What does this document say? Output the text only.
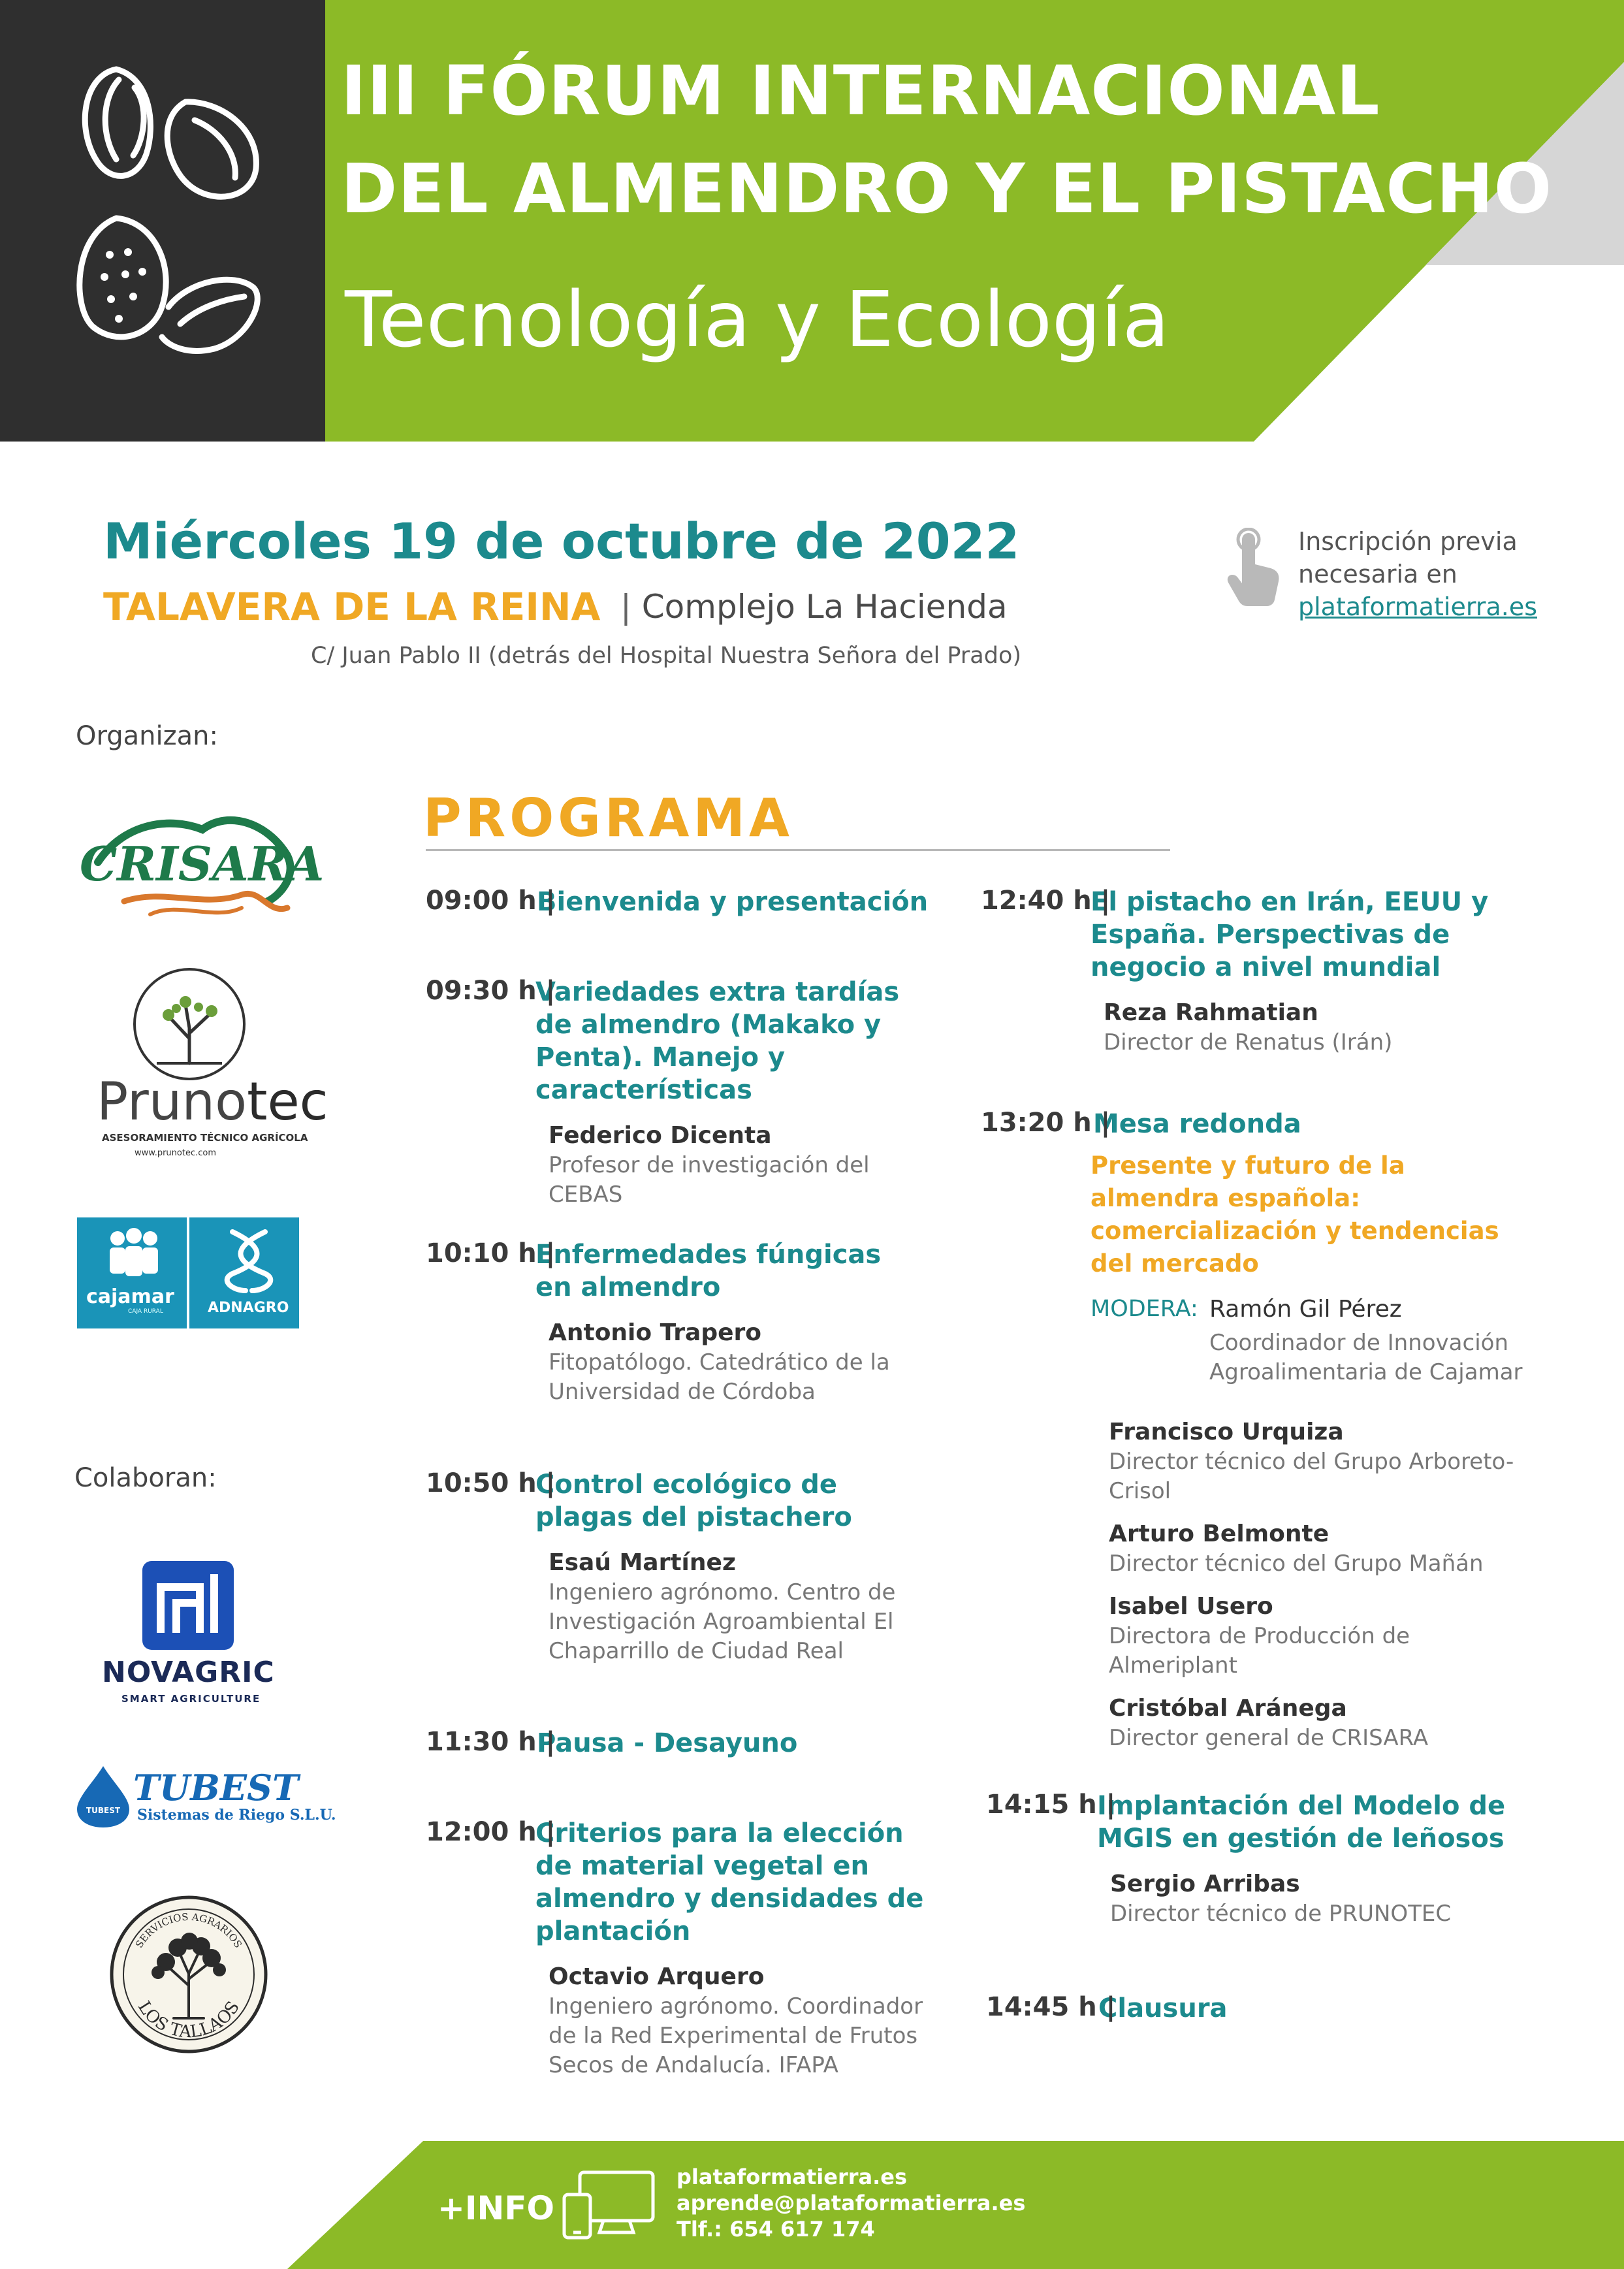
III FÓRUM INTERNACIONAL
DEL ALMENDRO Y EL PISTACHO
Tecnología y Ecología
Miércoles 19 de octubre de 2022
TALAVERA DE LA REINA | Complejo La Hacienda
C/ Juan Pablo II (detrás del Hospital Nuestra Señora del Prado)
Inscripción previa
necesaria en
plataformatierra.es
Organizan:
CRISARA
Prunotec
ASESORAMIENTO TÉCNICO AGRÍCOLA
www.prunotec.com
cajamar
CAJA RURAL	ADNAGRO
Colaboran:
NOVAGRIC
SMART AGRICULTURE
TUBEST
TUBEST
Sistemas de Riego S.L.U.
SERVICIOS AGRARIOS
LOS TALLAOS
PROGRAMA
09:00 h |
Bienvenida y presentación
09:30 h |
Variedades extra tardías de almendro (Makako y Penta). Manejo y características
Federico Dicenta
Profesor de investigación del CEBAS
10:10 h |
Enfermedades fúngicas en almendro
Antonio Trapero
Fitopatólogo. Catedrático de la Universidad de Córdoba
10:50 h |
Control ecológico de plagas del pistachero
Esaú Martínez
Ingeniero agrónomo. Centro de Investigación Agroambiental El Chaparrillo de Ciudad Real
11:30 h |
Pausa - Desayuno
12:00 h |
Criterios para la elección de material vegetal en almendro y densidades de plantación
Octavio Arquero
Ingeniero agrónomo. Coordinador de la Red Experimental de Frutos Secos de Andalucía. IFAPA
12:40 h |
El pistacho en Irán, EEUU y España. Perspectivas de negocio a nivel mundial
Reza Rahmatian
Director de Renatus (Irán)
13:20 h |
Mesa redonda
Presente y futuro de la almendra española: comercialización y tendencias del mercado
MODERA: Ramón Gil Pérez
Coordinador de Innovación Agroalimentaria de Cajamar
Francisco Urquiza
Director técnico del Grupo Arboreto-Crisol
Arturo Belmonte
Director técnico del Grupo Mañán
Isabel Usero
Directora de Producción de Almeriplant
Cristóbal Aránega
Director general de CRISARA
14:15 h |
Implantación del Modelo de MGIS en gestión de leñosos
Sergio Arribas
Director técnico de PRUNOTEC
14:45 h |
Clausura
+INFO
plataformatierra.es
aprende@plataformatierra.es
Tlf.: 654 617 174
